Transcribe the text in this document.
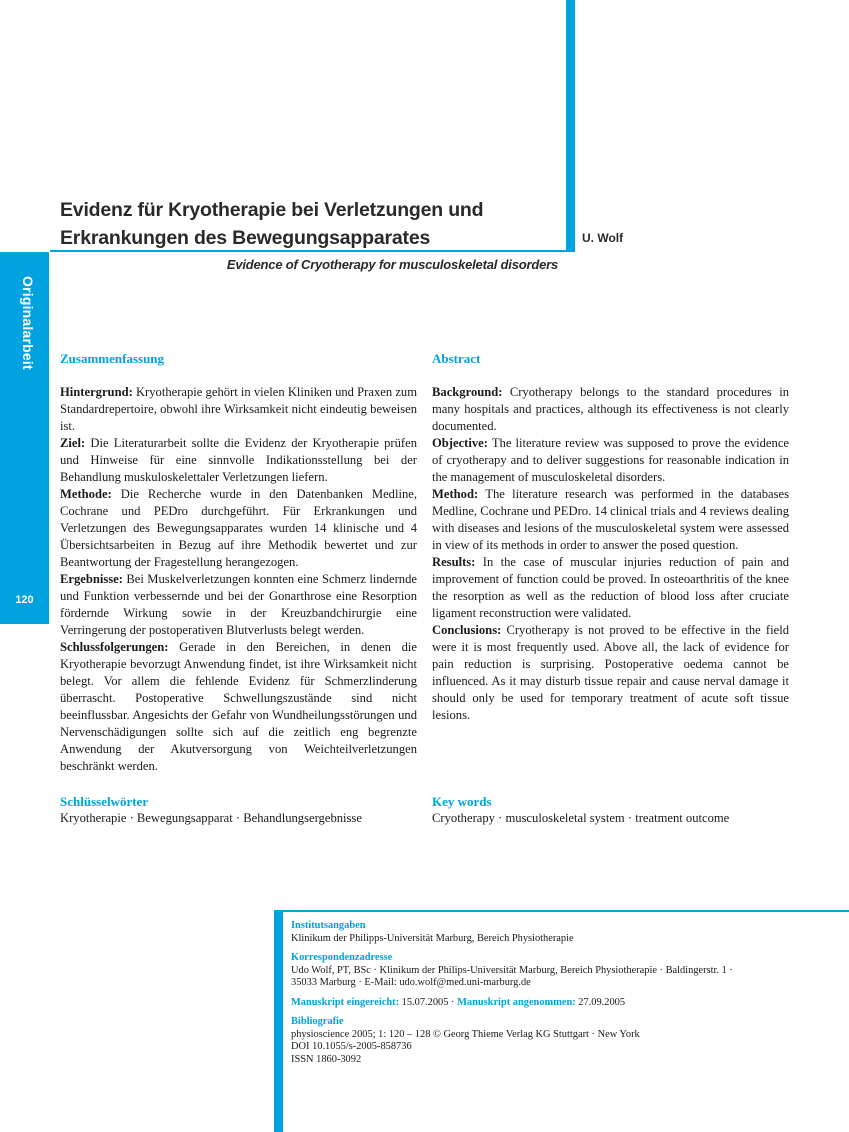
Originalarbeit
120
Evidenz für Kryotherapie bei Verletzungen und
Erkrankungen des Bewegungsapparates	U. Wolf
Evidence of Cryotherapy for musculoskeletal disorders
Zusammenfassung

Hintergrund: Kryotherapie gehört in vielen Kliniken und Praxen zum Standardrepertoire, obwohl ihre Wirksamkeit nicht eindeutig beweisen ist.
Ziel: Die Literaturarbeit sollte die Evidenz der Kryotherapie prüfen und Hinweise für eine sinnvolle Indikationsstellung bei der Behandlung muskuloskelettaler Verletzungen liefern.
Methode: Die Recherche wurde in den Datenbanken Medline, Cochrane und PEDro durchgeführt. Für Erkrankungen und Verletzungen des Bewegungsapparates wurden 14 klinische und 4 Übersichtsarbeiten in Bezug auf ihre Methodik bewertet und zur Beantwortung der Fragestellung herangezogen.
Ergebnisse: Bei Muskelverletzungen konnten eine Schmerz lindernde und Funktion verbessernde und bei der Gonarthrose eine Resorption fördernde Wirkung sowie in der Kreuzbandchirurgie eine Verringerung der postoperativen Blutverlusts belegt werden.
Schlussfolgerungen: Gerade in den Bereichen, in denen die Kryotherapie bevorzugt Anwendung findet, ist ihre Wirksamkeit nicht belegt. Vor allem die fehlende Evidenz für Schmerzlinderung überrascht. Postoperative Schwellungszustände sind nicht beeinflussbar. Angesichts der Gefahr von Wundheilungsstörungen und Nervenschädigungen sollte sich auf die zeitlich eng begrenzte Anwendung der Akutversorgung von Weichteilverletzungen beschränkt werden.

Abstract

Background: Cryotherapy belongs to the standard procedures in many hospitals and practices, although its effectiveness is not clearly documented.
Objective: The literature review was supposed to prove the evidence of cryotherapy and to deliver suggestions for reasonable indication in the management of musculoskeletal disorders.
Method: The literature research was performed in the databases Medline, Cochrane und PEDro. 14 clinical trials and 4 reviews dealing with diseases and lesions of the musculoskeletal system were assessed in view of its methods in order to answer the posed question.
Results: In the case of muscular injuries reduction of pain and improvement of function could be proved. In osteoarthritis of the knee the resorption as well as the reduction of blood loss after cruciate ligament reconstruction were validated.
Conclusions: Cryotherapy is not proved to be effective in the field were it is most frequently used. Above all, the lack of evidence for pain reduction is surprising. Postoperative oedema cannot be influenced. As it may disturb tissue repair and cause nerval damage it should only be used for temporary treatment of acute soft tissue lesions.

Schlüsselwörter
Kryotherapie · Bewegungsapparat · Behandlungsergebnisse
Key words
Cryotherapy · musculoskeletal system · treatment outcome
Institutsangaben
Klinikum der Philipps-Universität Marburg, Bereich Physiotherapie
Korrespondenzadresse
Udo Wolf, PT, BSc · Klinikum der Philips-Universität Marburg, Bereich Physiotherapie · Baldingerstr. 1 ·
35033 Marburg · E-Mail: udo.wolf@med.uni-marburg.de
Manuskript eingereicht: 15.07.2005 · Manuskript angenommen: 27.09.2005
Bibliografie
physioscience 2005; 1: 120 – 128 © Georg Thieme Verlag KG Stuttgart · New York
DOI 10.1055/s-2005-858736
ISSN 1860-3092
